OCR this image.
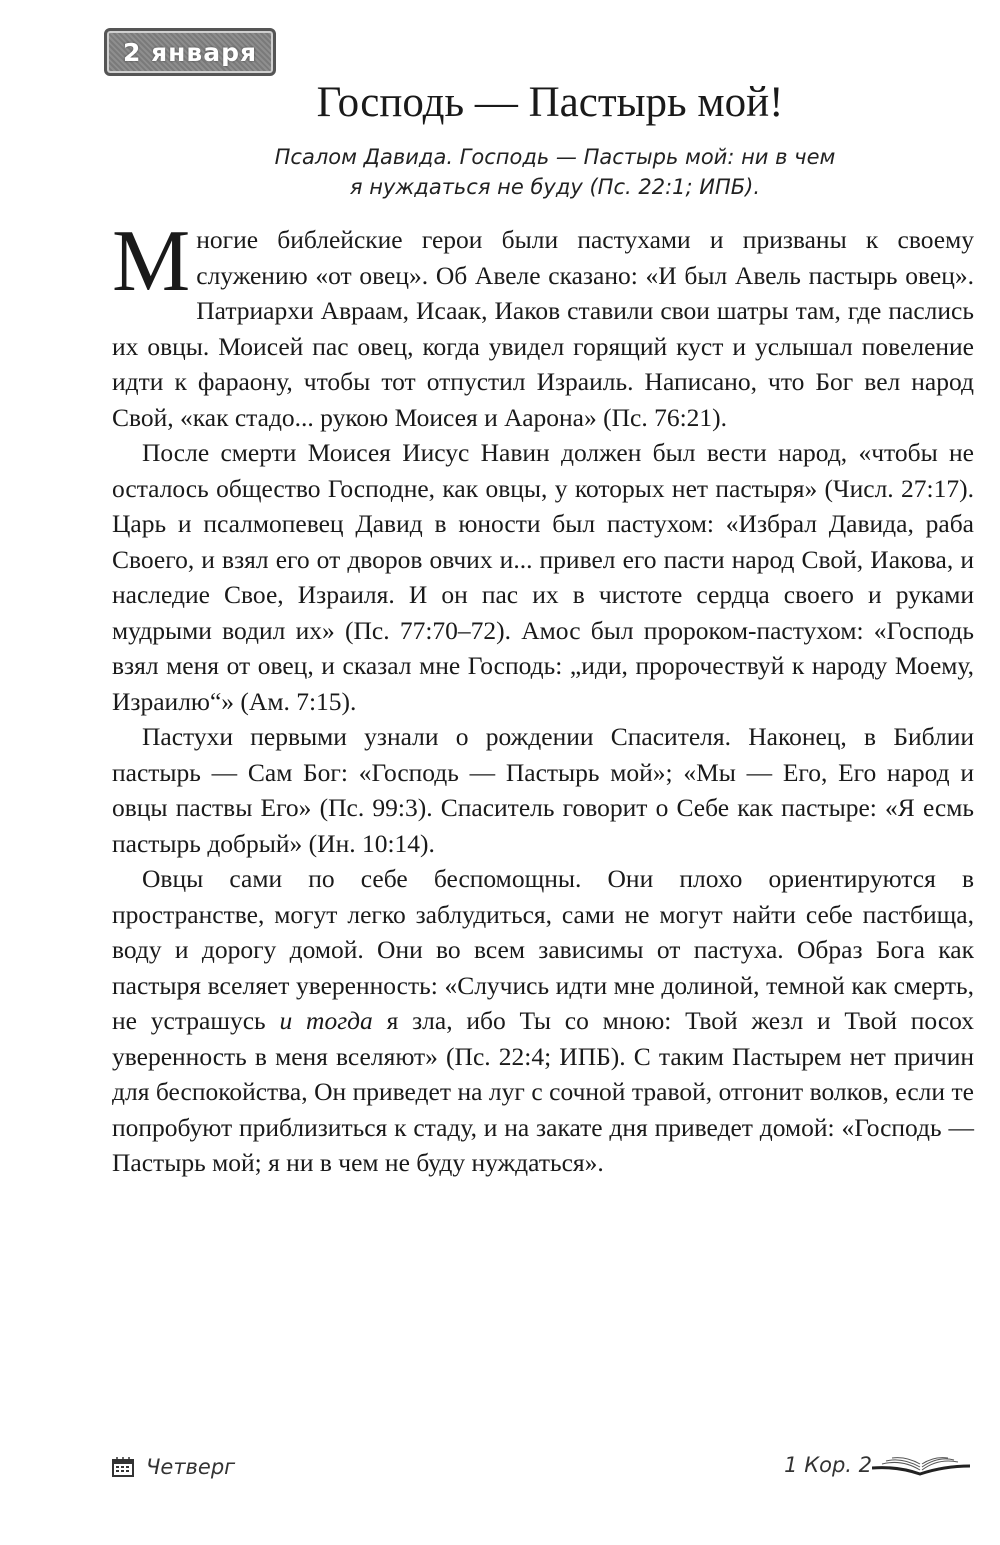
2 января
Господь — Пастырь мой!
Псалом Давида. Господь — Пастырь мой: ни в чем
я нуждаться не буду (Пс. 22:1; ИПБ).

Многие библейские герои были пастухами и призваны к своему служению «от овец». Об Авеле сказано: «И был Авель пастырь овец». Патриархи Авраам, Исаак, Иаков ставили свои шатры там, где паслись их овцы. Моисей пас овец, когда увидел горящий куст и услышал повеление идти к фараону, чтобы тот отпустил Израиль. Написано, что Бог вел народ Свой, «как стадо... рукою Моисея и Аарона» (Пс. 76:21).

После смерти Моисея Иисус Навин должен был вести народ, «чтобы не осталось общество Господне, как овцы, у которых нет пастыря» (Числ. 27:17). Царь и псалмопевец Давид в юности был пастухом: «Избрал Давида, раба Своего, и взял его от дворов овчих и... привел его пасти народ Свой, Иакова, и наследие Свое, Израиля. И он пас их в чистоте сердца своего и руками мудрыми водил их» (Пс. 77:70–72). Амос был пророком-пастухом: «Господь взял меня от овец, и сказал мне Господь: „иди, пророчествуй к народу Моему, Израилю“» (Ам. 7:15).

Пастухи первыми узнали о рождении Спасителя. Наконец, в Библии пастырь — Сам Бог: «Господь — Пастырь мой»; «Мы — Его, Его народ и овцы паствы Его» (Пс. 99:3). Спаситель говорит о Себе как пастыре: «Я есмь пастырь добрый» (Ин. 10:14).

Овцы сами по себе беспомощны. Они плохо ориентируются в пространстве, могут легко заблудиться, сами не могут найти себе пастбища, воду и дорогу домой. Они во всем зависимы от пастуха. Образ Бога как пастыря вселяет уверенность: «Случись идти мне долиной, темной как смерть, не устрашусь и тогда я зла, ибо Ты со мною: Твой жезл и Твой посох уверенность в меня вселяют» (Пс. 22:4; ИПБ). С таким Пастырем нет причин для беспокойства, Он приведет на луг с сочной травой, отгонит волков, если те попробуют приблизиться к стаду, и на закате дня приведет домой: «Господь — Пастырь мой; я ни в чем не буду нуждаться».

Четверг	1 Кор. 2
